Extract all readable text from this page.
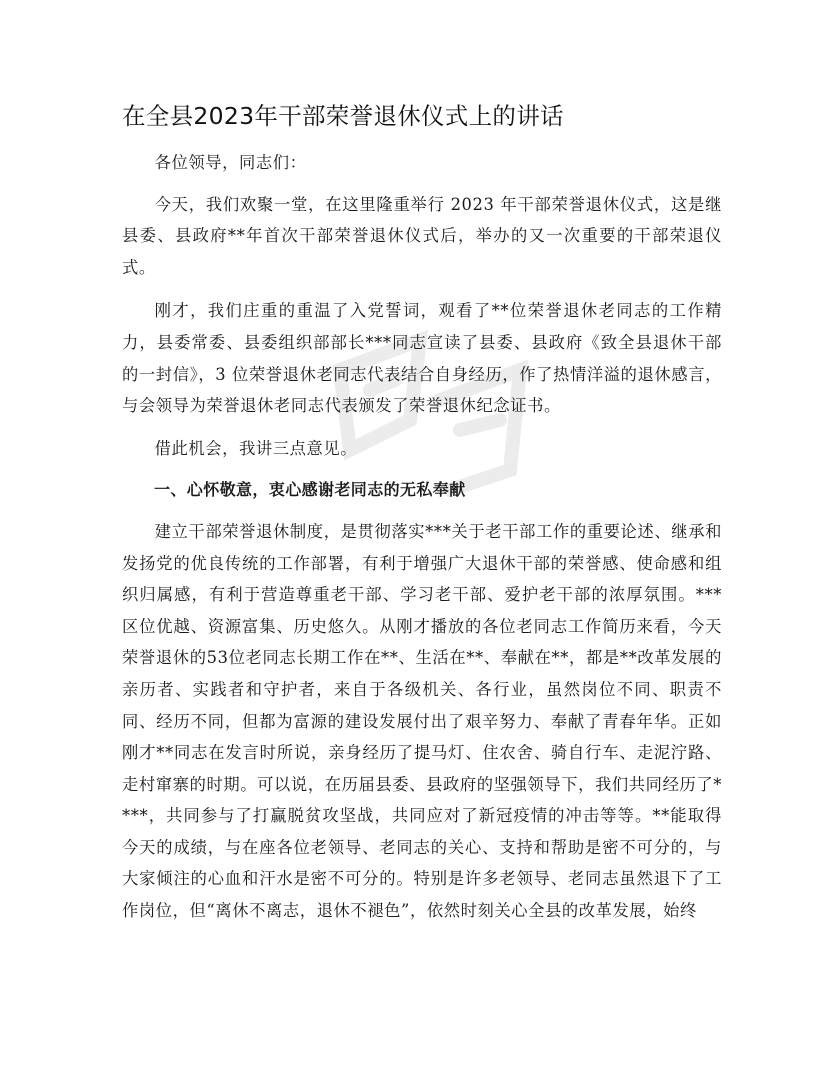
在全县2023年干部荣誉退休仪式上的讲话

各位领导，同志们：

今天，我们欢聚一堂，在这里隆重举行 2023 年干部荣誉退休仪式，这是继县委、县政府**年首次干部荣誉退休仪式后，举办的又一次重要的干部荣退仪式。

刚才，我们庄重的重温了入党誓词，观看了**位荣誉退休老同志的工作精力，县委常委、县委组织部部长***同志宣读了县委、县政府《致全县退休干部的一封信》，3 位荣誉退休老同志代表结合自身经历，作了热情洋溢的退休感言，与会领导为荣誉退休老同志代表颁发了荣誉退休纪念证书。

借此机会，我讲三点意见。

一、心怀敬意，衷心感谢老同志的无私奉献

建立干部荣誉退休制度，是贯彻落实***关于老干部工作的重要论述、继承和发扬党的优良传统的工作部署，有利于增强广大退休干部的荣誉感、使命感和组织归属感，有利于营造尊重老干部、学习老干部、爱护老干部的浓厚氛围。***区位优越、资源富集、历史悠久。从刚才播放的各位老同志工作简历来看，今天荣誉退休的53位老同志长期工作在**、生活在**、奉献在**，都是**改革发展的亲历者、实践者和守护者，来自于各级机关、各行业，虽然岗位不同、职责不同、经历不同，但都为富源的建设发展付出了艰辛努力、奉献了青春年华。正如刚才**同志在发言时所说，亲身经历了提马灯、住农舍、骑自行车、走泥泞路、走村窜寨的时期。可以说，在历届县委、县政府的坚强领导下，我们共同经历了****，共同参与了打赢脱贫攻坚战，共同应对了新冠疫情的冲击等等。**能取得今天的成绩，与在座各位老领导、老同志的关心、支持和帮助是密不可分的，与大家倾注的心血和汗水是密不可分的。特别是许多老领导、老同志虽然退下了工作岗位，但“离休不离志，退休不褪色”，依然时刻关心全县的改革发展，始终
